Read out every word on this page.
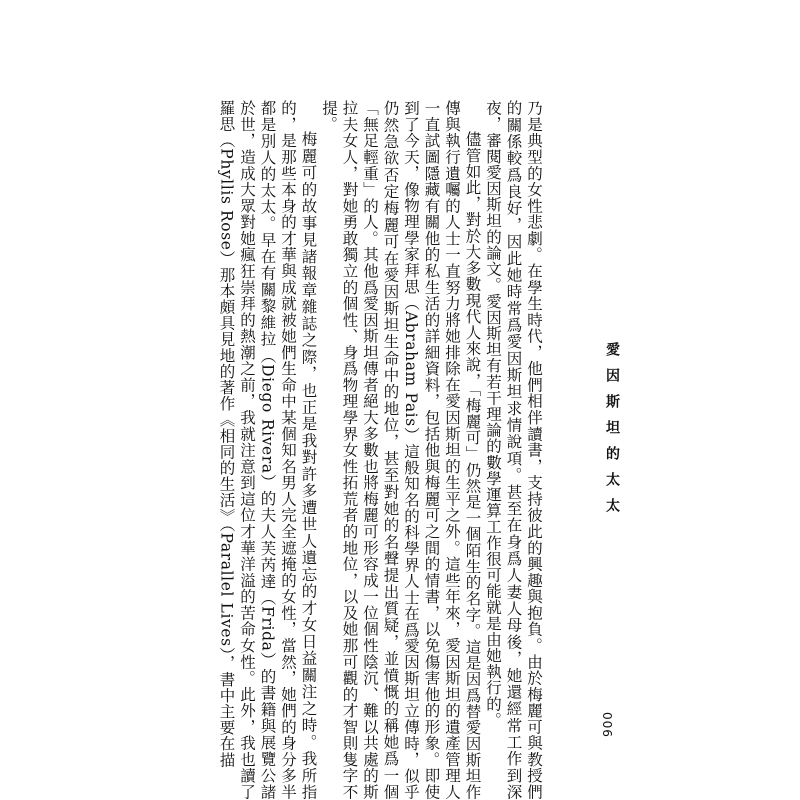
乃是典型的女性悲劇。在學生時代，他們相伴讀書，支持彼此的興趣與抱負。由於梅麗可與教授們的關係較爲良好，因此她時常爲愛因斯坦求情說項。甚至在身爲人妻人母後，她還經常工作到深夜，審閱愛因斯坦的論文。愛因斯坦有若干理論的數學運算工作很可能就是由她執行的。

儘管如此，對於大多數現代人來說，「梅麗可」仍然是一個陌生的名字。這是因爲替愛因斯坦作傳與執行遺囑的人士一直努力將她排除在愛因斯坦的生平之外。這些年來，愛因斯坦的遺產管理人一直試圖隱藏有關他的私生活的詳細資料，包括他與梅麗可之間的情書，以免傷害他的形象。即使到了今天，像物理學家拜思（Abraham Pais）這般知名的科學界人士在爲愛因斯坦立傳時，似乎仍然急欲否定梅麗可在愛因斯坦生命中的地位，甚至對她的名聲提出質疑，並憤慨的稱她爲一個「無足輕重」的人。其他爲愛因斯坦傳者絕大多數也將梅麗可形容成一位個性陰沉、難以共處的斯拉夫女人，對她勇敢獨立的個性、身爲物理學界女性拓荒者的地位，以及她那可觀的才智則隻字不提。

梅麗可的故事見諸報章雜誌之際，也正是我對許多遭世人遺忘的才女日益關注之時。我所指的，是那些本身的才華與成就被她們生命中某個知名男人完全遮掩的女性，當然，她們的身分多半都是別人的太太。早在有關黎維拉（Diego Rivera）的夫人芙芮達（Frida）的書籍與展覽公諸於世，造成大眾對她瘋狂崇拜的熱潮之前，我就注意到這位才華洋溢的苦命女性。此外，我也讀了羅思（Phyllis Rose）那本頗具見地的著作《相同的生活》（Parallel Lives），書中主要在描	愛因斯坦的太太
006
